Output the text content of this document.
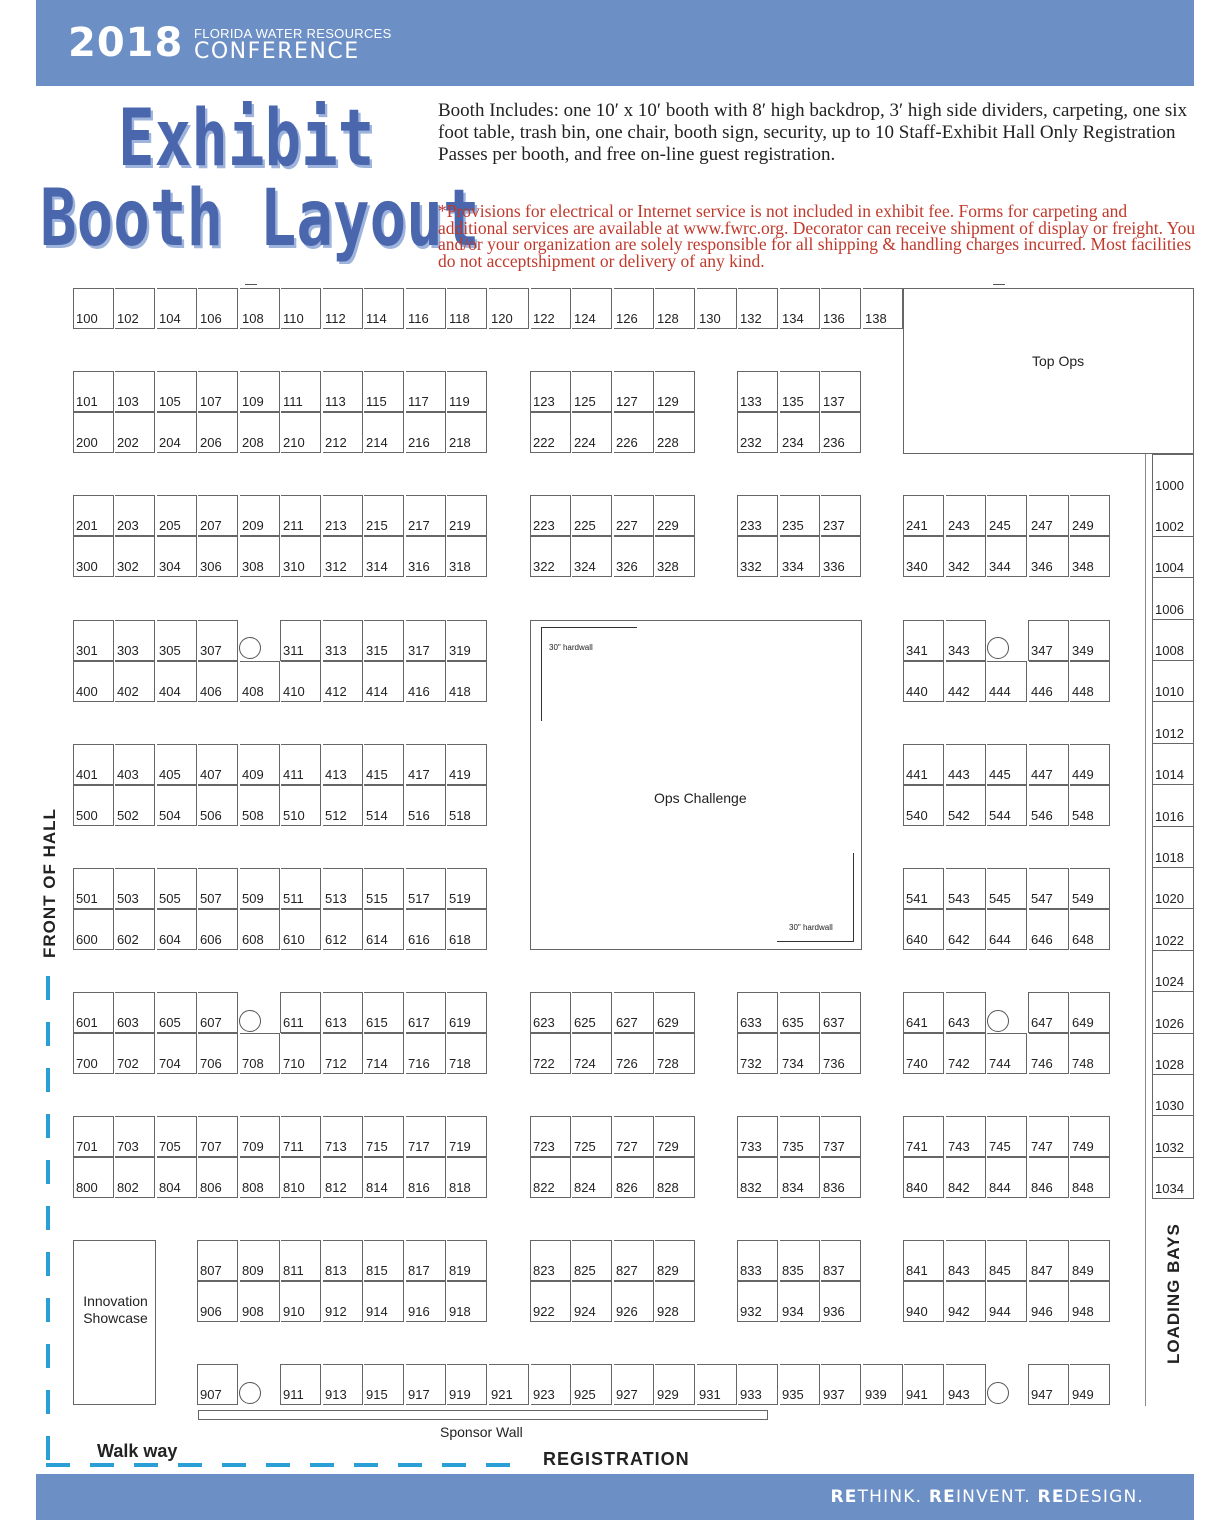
2018 FLORIDA WATER RESOURCES
CONFERENCE
Exhibit
Booth Layout
Booth Includes: one 10′ x 10′ booth with 8′ high backdrop, 3′ high side dividers, carpeting, one six foot table, trash bin, one chair, booth sign, security, up to 10 Staff-Exhibit Hall Only Registration Passes per booth, and free on-line guest registration.
*Provisions for electrical or Internet service is not included in exhibit fee. Forms for carpeting and additional services are available at www.fwrc.org. Decorator can receive shipment of display or freight. You and/or your organization are solely responsible for all shipping & handling charges incurred. Most facilities do not acceptshipment or delivery of any kind.
100 102 104 106 108 110 112 114 116 118 120 122 124 126 128 130 132 134 136 138
101 103 105 107 109 111 113 115 117 119	123 125 127 129	133 135 137
200 202 204 206 208 210 212 214 216 218	222 224 226 228	232 234 236
201 203 205 207 209 211 213 215 217 219	223 225 227 229	233 235 237	241 243 245 247 249
300 302 304 306 308 310 312 314 316 318	322 324 326 328	332 334 336	340 342 344 346 348
301 303 305 307	311 313 315 317 319	341 343	347 349
400 402 404 406 408 410 412 414 416 418	440 442 444 446 448
401 403 405 407 409 411 413 415 417 419	441 443 445 447 449
500 502 504 506 508 510 512 514 516 518	540 542 544 546 548
501 503 505 507 509 511 513 515 517 519	541 543 545 547 549
600 602 604 606 608 610 612 614 616 618	640 642 644 646 648
601 603 605 607	611 613 615 617 619	623 625 627 629	633 635 637	641 643	647 649
700 702 704 706 708 710 712 714 716 718	722 724 726 728	732 734 736	740 742 744 746 748
701 703 705 707 709 711 713 715 717 719	723 725 727 729	733 735 737	741 743 745 747 749
800 802 804 806 808 810 812 814 816 818	822 824 826 828	832 834 836	840 842 844 846 848
807 809 811 813 815 817 819	823 825 827 829	833 835 837	841 843 845 847 849
906 908 910 912 914 916 918	922 924 926 928	932 934 936	940 942 944 946 948
907	911 913 915 917 919 921 923 925 927 929 931 933 935 937 939 941 943	947 949
1000
1002
1004
1006
1008
1010
1012
1014
1016
1018
1020
1022
1024
1026
1028
1030
1032
1034
Top Ops
Ops Challenge
30" hardwall
30" hardwall
Innovation Showcase
FRONT OF HALL
LOADING BAYS
Sponsor Wall
Walk way	REGISTRATION
RETHINK. REINVENT. REDESIGN.
